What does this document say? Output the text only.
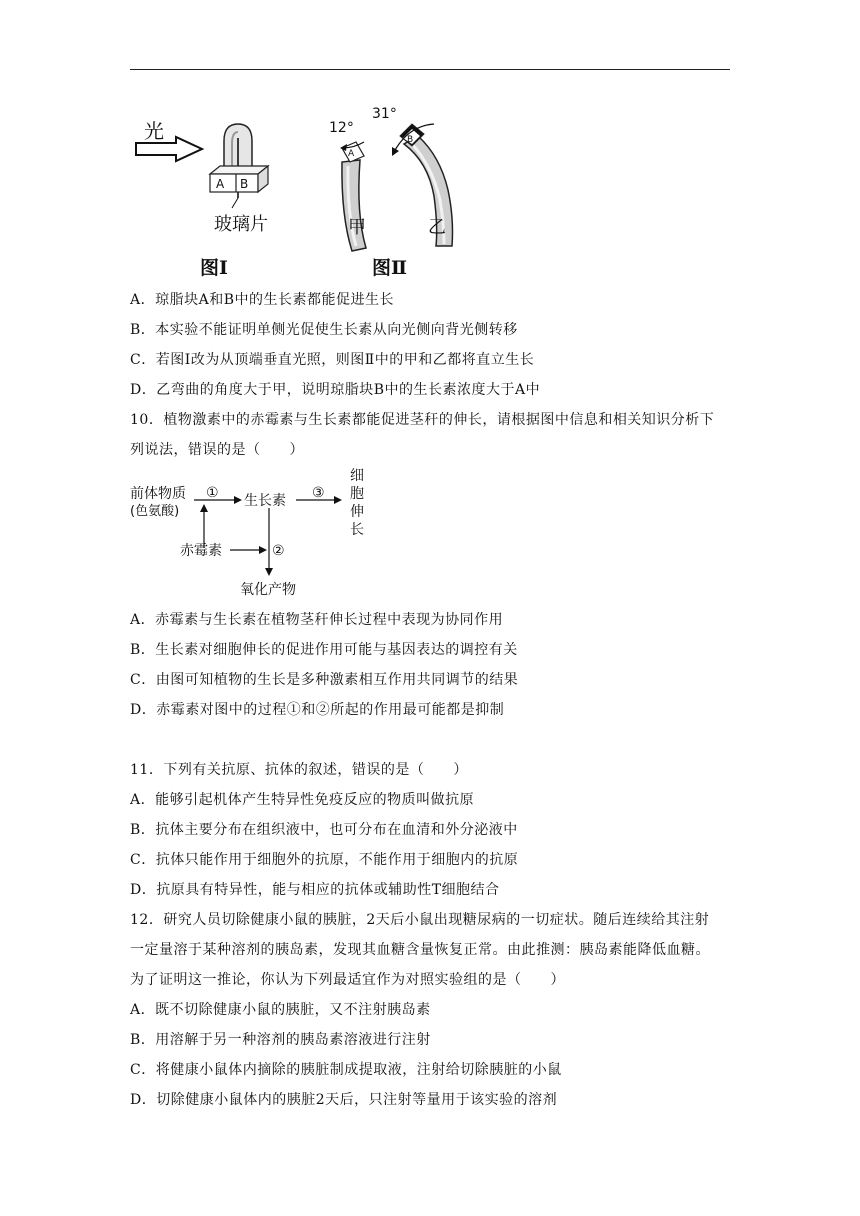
光
A B
玻璃片
A
12°
甲
B
31°
乙
图Ⅰ	图Ⅱ
A．琼脂块A和B中的生长素都能促进生长
B．本实验不能证明单侧光促使生长素从向光侧向背光侧转移
C．若图Ⅰ改为从顶端垂直光照，则图Ⅱ中的甲和乙都将直立生长
D．乙弯曲的角度大于甲，说明琼脂块B中的生长素浓度大于A中
10．植物激素中的赤霉素与生长素都能促进茎秆的伸长，请根据图中信息和相关知识分析下
列说法，错误的是（　　）
前体物质
(色氨酸)
① 生长素 ③
细
胞
伸
长
赤霉素	②
氧化产物
A．赤霉素与生长素在植物茎秆伸长过程中表现为协同作用
B．生长素对细胞伸长的促进作用可能与基因表达的调控有关
C．由图可知植物的生长是多种激素相互作用共同调节的结果
D．赤霉素对图中的过程①和②所起的作用最可能都是抑制
11．下列有关抗原、抗体的叙述，错误的是（　　）
A．能够引起机体产生特异性免疫反应的物质叫做抗原
B．抗体主要分布在组织液中，也可分布在血清和外分泌液中
C．抗体只能作用于细胞外的抗原，不能作用于细胞内的抗原
D．抗原具有特异性，能与相应的抗体或辅助性T细胞结合
12．研究人员切除健康小鼠的胰脏，2天后小鼠出现糖尿病的一切症状。随后连续给其注射
一定量溶于某种溶剂的胰岛素，发现其血糖含量恢复正常。由此推测：胰岛素能降低血糖。
为了证明这一推论，你认为下列最适宜作为对照实验组的是（　　）
A．既不切除健康小鼠的胰脏，又不注射胰岛素
B．用溶解于另一种溶剂的胰岛素溶液进行注射
C．将健康小鼠体内摘除的胰脏制成提取液，注射给切除胰脏的小鼠
D．切除健康小鼠体内的胰脏2天后，只注射等量用于该实验的溶剂
